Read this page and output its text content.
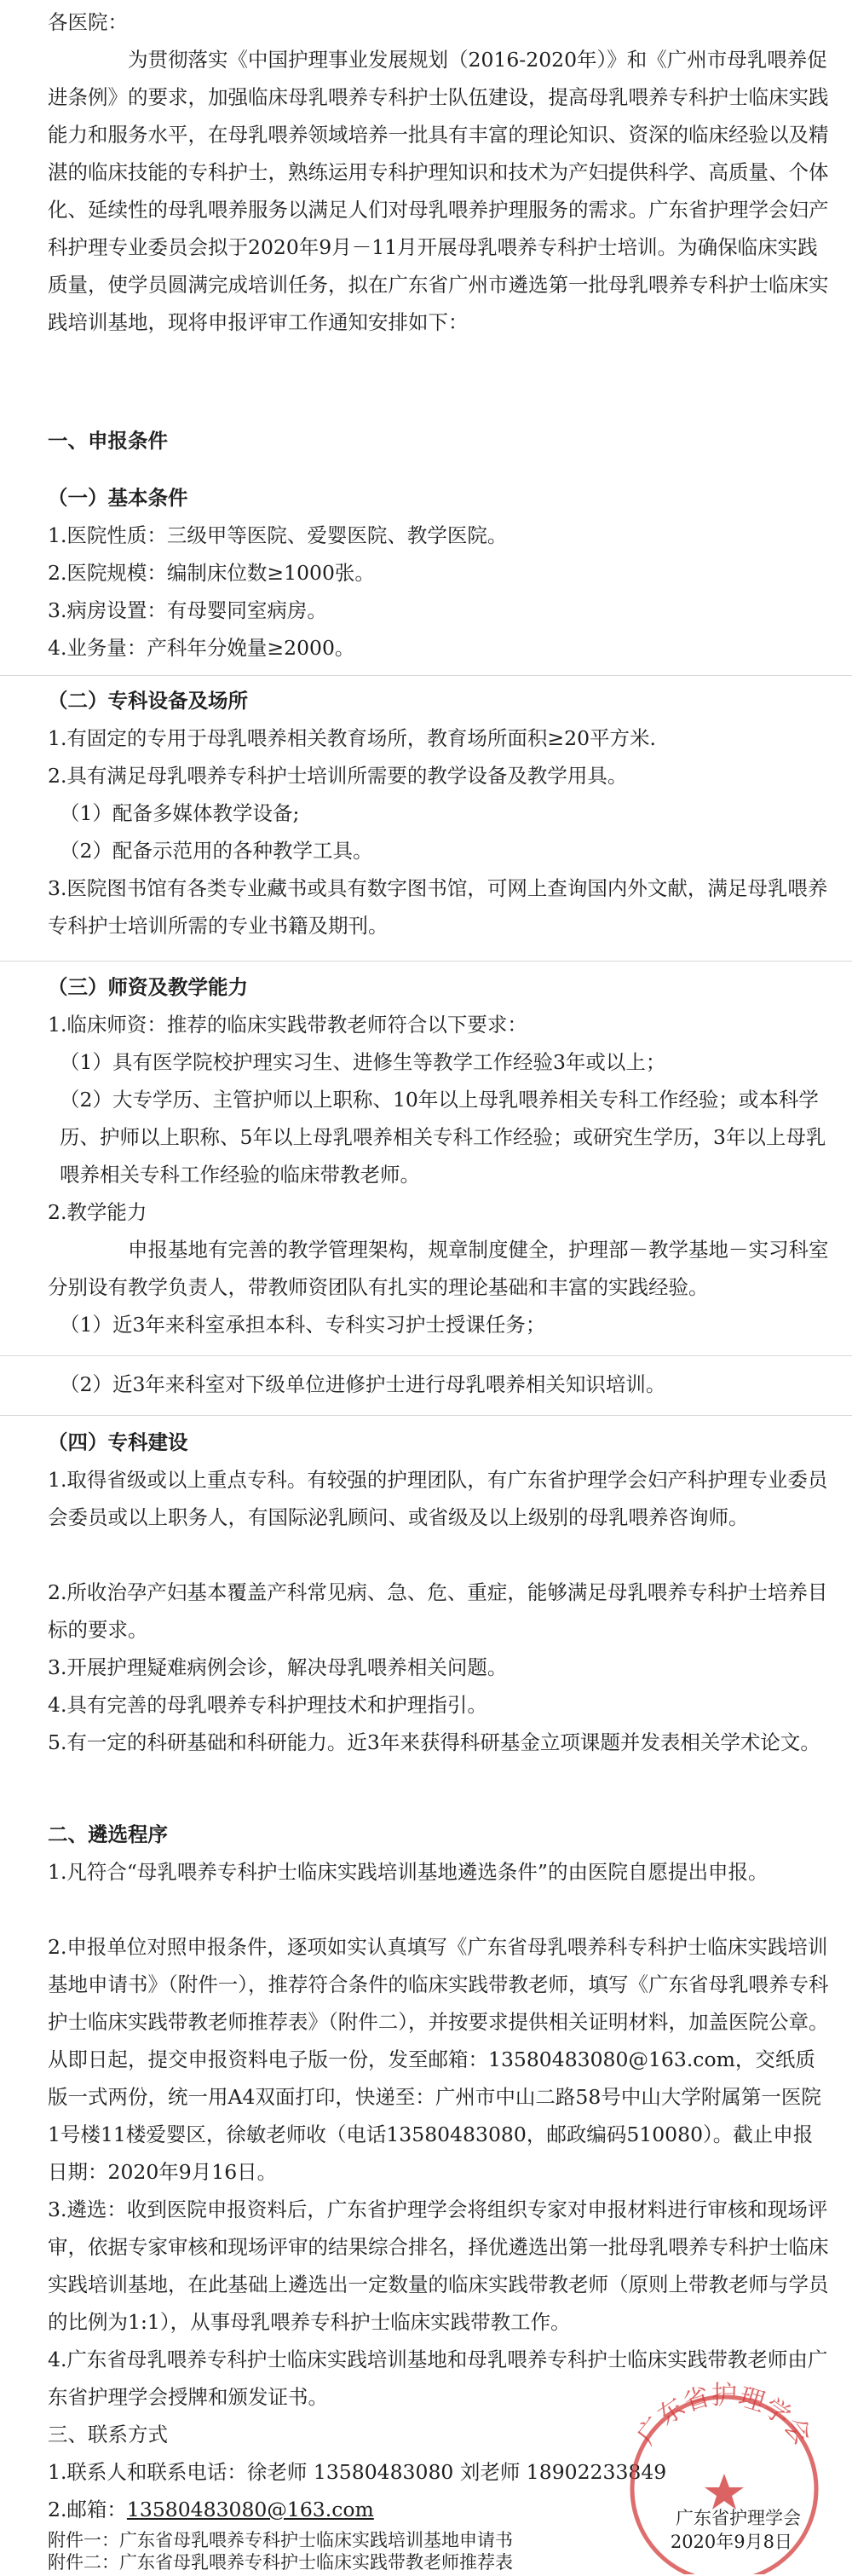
各医院：

为贯彻落实《中国护理事业发展规划（2016-2020年）》和《广州市母乳喂养促进条例》的要求，加强临床母乳喂养专科护士队伍建设，提高母乳喂养专科护士临床实践能力和服务水平，在母乳喂养领域培养一批具有丰富的理论知识、资深的临床经验以及精湛的临床技能的专科护士，熟练运用专科护理知识和技术为产妇提供科学、高质量、个体化、延续性的母乳喂养服务以满足人们对母乳喂养护理服务的需求。广东省护理学会妇产科护理专业委员会拟于2020年9月－11月开展母乳喂养专科护士培训。为确保临床实践质量，使学员圆满完成培训任务，拟在广东省广州市遴选第一批母乳喂养专科护士临床实践培训基地，现将申报评审工作通知安排如下：

一、申报条件

（一）基本条件

1.医院性质：三级甲等医院、爱婴医院、教学医院。

2.医院规模：编制床位数≥1000张。

3.病房设置：有母婴同室病房。

4.业务量：产科年分娩量≥2000。

（二）专科设备及场所

1.有固定的专用于母乳喂养相关教育场所，教育场所面积≥20平方米.

2.具有满足母乳喂养专科护士培训所需要的教学设备及教学用具。

（1）配备多媒体教学设备;

（2）配备示范用的各种教学工具。

3.医院图书馆有各类专业藏书或具有数字图书馆，可网上查询国内外文献，满足母乳喂养专科护士培训所需的专业书籍及期刊。

（三）师资及教学能力

1.临床师资：推荐的临床实践带教老师符合以下要求：

（1）具有医学院校护理实习生、进修生等教学工作经验3年或以上；

（2）大专学历、主管护师以上职称、10年以上母乳喂养相关专科工作经验；或本科学历、护师以上职称、5年以上母乳喂养相关专科工作经验；或研究生学历，3年以上母乳喂养相关专科工作经验的临床带教老师。

2.教学能力

申报基地有完善的教学管理架构，规章制度健全，护理部－教学基地－实习科室分别设有教学负责人，带教师资团队有扎实的理论基础和丰富的实践经验。

（1）近3年来科室承担本科、专科实习护士授课任务；

（2）近3年来科室对下级单位进修护士进行母乳喂养相关知识培训。

（四）专科建设

1.取得省级或以上重点专科。有较强的护理团队，有广东省护理学会妇产科护理专业委员会委员或以上职务人，有国际泌乳顾问、或省级及以上级别的母乳喂养咨询师。

2.所收治孕产妇基本覆盖产科常见病、急、危、重症，能够满足母乳喂养专科护士培养目标的要求。

3.开展护理疑难病例会诊，解决母乳喂养相关问题。

4.具有完善的母乳喂养专科护理技术和护理指引。

5.有一定的科研基础和科研能力。近3年来获得科研基金立项课题并发表相关学术论文。

二、遴选程序

1.凡符合“母乳喂养专科护士临床实践培训基地遴选条件”的由医院自愿提出申报。

2.申报单位对照申报条件，逐项如实认真填写《广东省母乳喂养科专科护士临床实践培训基地申请书》（附件一），推荐符合条件的临床实践带教老师，填写《广东省母乳喂养专科护士临床实践带教老师推荐表》（附件二），并按要求提供相关证明材料，加盖医院公章。从即日起，提交申报资料电子版一份，发至邮箱：13580483080@163.com，交纸质版一式两份，统一用A4双面打印，快递至：广州市中山二路58号中山大学附属第一医院1号楼11楼爱婴区，徐敏老师收（电话13580483080，邮政编码510080）。截止申报日期：2020年9月16日。

3.遴选：收到医院申报资料后，广东省护理学会将组织专家对申报材料进行审核和现场评审，依据专家审核和现场评审的结果综合排名，择优遴选出第一批母乳喂养专科护士临床实践培训基地，在此基础上遴选出一定数量的临床实践带教老师（原则上带教老师与学员的比例为1:1），从事母乳喂养专科护士临床实践带教工作。

4.广东省母乳喂养专科护士临床实践培训基地和母乳喂养专科护士临床实践带教老师由广东省护理学会授牌和颁发证书。

三、联系方式

1.联系人和联系电话：徐老师 13580483080 刘老师 18902233849

2.邮箱：13580483080@163.com

附件一：广东省母乳喂养专科护士临床实践培训基地申请书
附件二：广东省母乳喂养专科护士临床实践带教老师推荐表
广东省护理学会
2020年9月8日
广东省护理学会
